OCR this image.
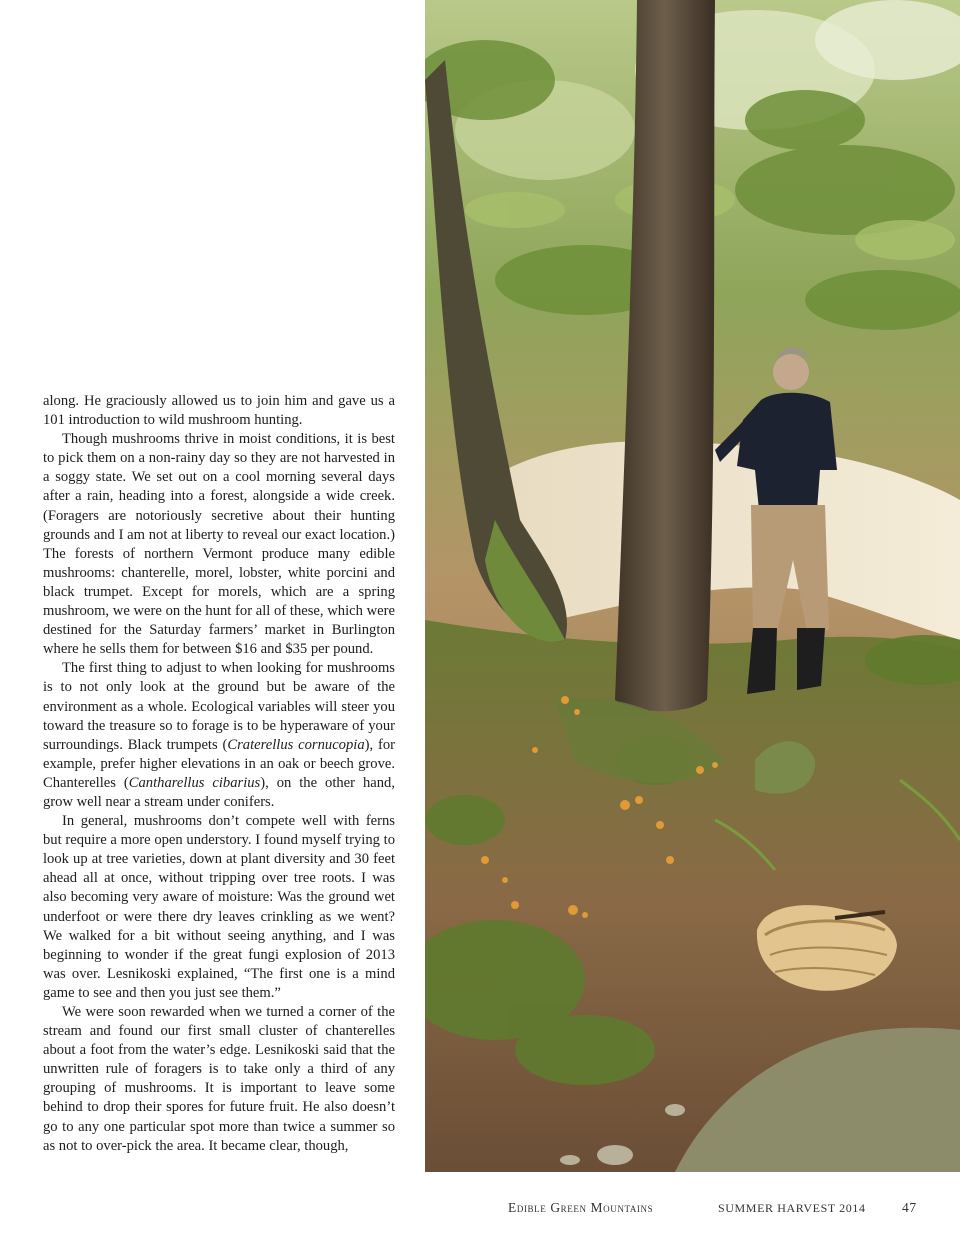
along. He graciously allowed us to join him and gave us a 101 introduction to wild mushroom hunting.

Though mushrooms thrive in moist conditions, it is best to pick them on a non-rainy day so they are not harvested in a soggy state. We set out on a cool morning several days after a rain, heading into a forest, alongside a wide creek. (Foragers are notoriously secretive about their hunting grounds and I am not at liberty to reveal our exact location.) The forests of northern Vermont produce many edible mushrooms: chanterelle, morel, lobster, white porcini and black trumpet. Except for morels, which are a spring mushroom, we were on the hunt for all of these, which were destined for the Saturday farmers’ market in Burlington where he sells them for between $16 and $35 per pound.

The first thing to adjust to when looking for mushrooms is to not only look at the ground but be aware of the environment as a whole. Ecological variables will steer you toward the treasure so to forage is to be hyperaware of your surroundings. Black trumpets (Craterellus cornucopia), for example, prefer higher elevations in an oak or beech grove. Chanterelles (Cantharellus cibarius), on the other hand, grow well near a stream under conifers.

In general, mushrooms don’t compete well with ferns but require a more open understory. I found myself trying to look up at tree varieties, down at plant diversity and 30 feet ahead all at once, without tripping over tree roots. I was also becoming very aware of moisture: Was the ground wet underfoot or were there dry leaves crinkling as we went? We walked for a bit without seeing anything, and I was beginning to wonder if the great fungi explosion of 2013 was over. Lesnikoski explained, “The first one is a mind game to see and then you just see them.”

We were soon rewarded when we turned a corner of the stream and found our first small cluster of chanterelles about a foot from the water’s edge. Lesnikoski said that the unwritten rule of foragers is to take only a third of any grouping of mushrooms. It is important to leave some behind to drop their spores for future fruit. He also doesn’t go to any one particular spot more than twice a summer so as not to over-pick the area. It became clear, though,

Edible Green Mountains	SUMMER HARVEST 2014	47
